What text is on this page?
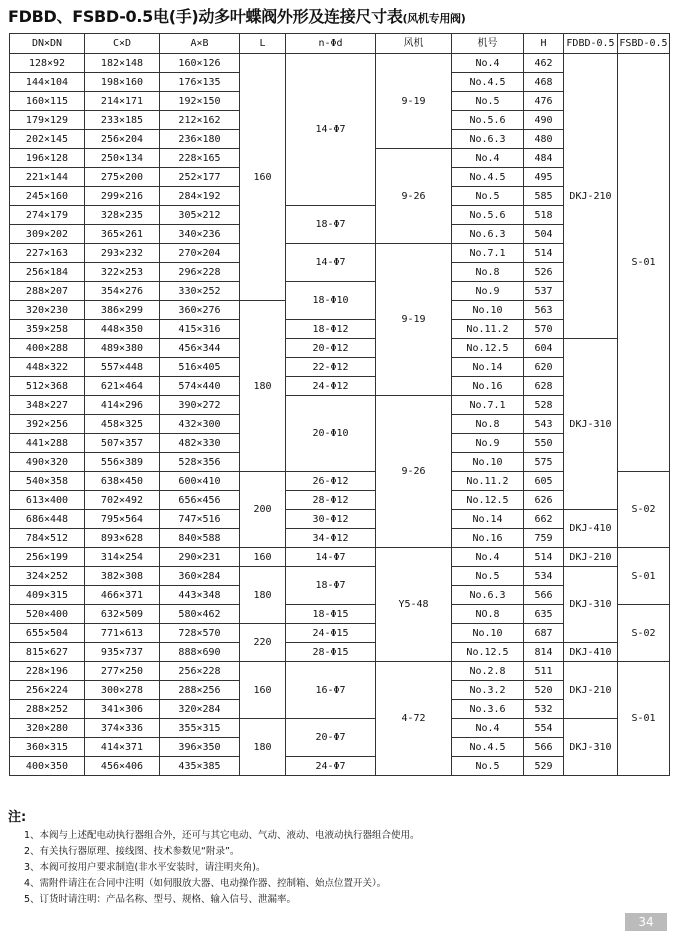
FDBD、FSBD-0.5电(手)动多叶蝶阀外形及连接尺寸表(风机专用阀)
DN×DN	C×D	A×B	L	n-Φd	风机	机号	H	FDBD-0.5	FSBD-0.5
128×92	182×148	160×126	160	14-Φ7	9-19	No.4	462	DKJ-210	S-01
144×104	198×160	176×135				No.4.5	468		
160×115	214×171	192×150				No.5	476		
179×129	233×185	212×162				No.5.6	490		
202×145	256×204	236×180				No.6.3	480		
196×128	250×134	228×165			9-26	No.4	484		
221×144	275×200	252×177				No.4.5	495		
245×160	299×216	284×192				No.5	585		
274×179	328×235	305×212		18-Φ7		No.5.6	518		
309×202	365×261	340×236				No.6.3	504		
227×163	293×232	270×204		14-Φ7	9-19	No.7.1	514		
256×184	322×253	296×228				No.8	526		
288×207	354×276	330×252		18-Φ10		No.9	537		
320×230	386×299	360×276	180			No.10	563		
359×258	448×350	415×316		18-Φ12		No.11.2	570		
400×288	489×380	456×344		20-Φ12		No.12.5	604	DKJ-310	
448×322	557×448	516×405		22-Φ12		No.14	620		
512×368	621×464	574×440		24-Φ12		No.16	628		
348×227	414×296	390×272		20-Φ10	9-26	No.7.1	528		
392×256	458×325	432×300				No.8	543		
441×288	507×357	482×330				No.9	550		
490×320	556×389	528×356				No.10	575		
540×358	638×450	600×410	200	26-Φ12		No.11.2	605		S-02
613×400	702×492	656×456		28-Φ12		No.12.5	626		
686×448	795×564	747×516		30-Φ12		No.14	662	DKJ-410	
784×512	893×628	840×588		34-Φ12		No.16	759		
256×199	314×254	290×231	160	14-Φ7	Y5-48	No.4	514	DKJ-210	S-01
324×252	382×308	360×284	180	18-Φ7		No.5	534	DKJ-310	
409×315	466×371	443×348				No.6.3	566		
520×400	632×509	580×462		18-Φ15		NO.8	635		S-02
655×504	771×613	728×570	220	24-Φ15		No.10	687		
815×627	935×737	888×690		28-Φ15		No.12.5	814	DKJ-410	
228×196	277×250	256×228	160	16-Φ7	4-72	No.2.8	511	DKJ-210	S-01
256×224	300×278	288×256				No.3.2	520		
288×252	341×306	320×284				No.3.6	532		
320×280	374×336	355×315	180	20-Φ7		No.4	554	DKJ-310	
360×315	414×371	396×350				No.4.5	566		
400×350	456×406	435×385		24-Φ7		No.5	529		
注:
1、本阀与上述配电动执行器组合外，还可与其它电动、气动、液动、电液动执行器组合使用。
2、有关执行器原理、接线图、技术参数见“附录”。
3、本阀可按用户要求制造(非水平安装时，请注明夹角)。
4、需附件请注在合同中注明（如伺服放大器、电动操作器、控制箱、始点位置开关）。
5、订货时请注明：产品名称、型号、规格、输入信号、泄漏率。
34
